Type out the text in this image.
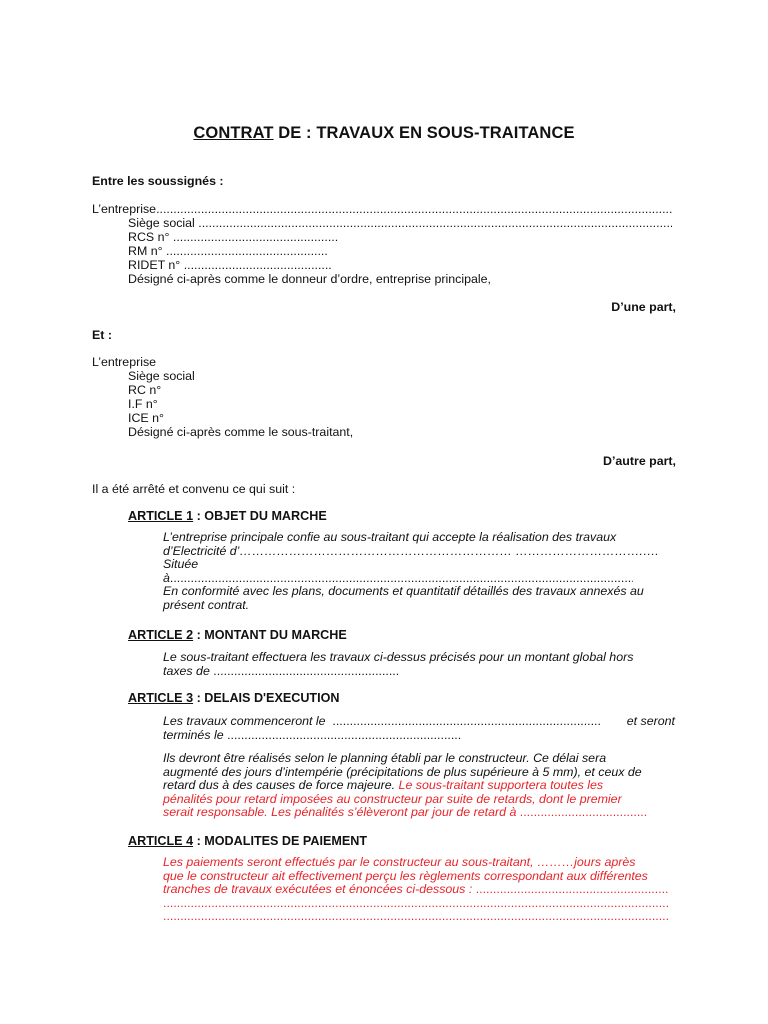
CONTRAT DE : TRAVAUX EN SOUS-TRAITANCE
Entre les soussignés :
L’entreprise
.....
Siège social

.....
RCS n°

.....
RM n°

.....
RIDET n°

.....
Désigné ci-après comme le donneur d’ordre, entreprise principale,
D’une part,
Et :
L’entreprise
Siège social
RC n°
I.F n°
ICE n°
Désigné ci-après comme le sous-traitant,
D’autre part,
Il a été arrêté et convenu ce qui suit :
ARTICLE 1 : OBJET DU MARCHE
L’entreprise principale confie au sous-traitant qui accepte la réalisation des travaux
d’Electricité d’………………………………………………………… ………………………….….
Située
à
.....
En conformité avec les plans, documents et quantitatif détaillés des travaux annexés au
présent contrat.
ARTICLE 2 : MONTANT DU MARCHE
Le sous-traitant effectuera les travaux ci-dessus précisés pour un montant global hors
taxes de

.....
ARTICLE 3 : DELAIS D'EXECUTION
Les travaux commenceront le

.....	et seront
terminés le

.....
Ils devront être réalisés selon le planning établi par le constructeur. Ce délai sera
augmenté des jours d’intempérie (précipitations de plus supérieure à 5 mm), et ceux de
retard dus à des causes de force majeure. Le sous-traitant supportera toutes les
pénalités pour retard imposées au constructeur par suite de retards, dont le premier
serait responsable. Les pénalités s’élèveront par jour de retard à

.....
ARTICLE 4 : MODALITES DE PAIEMENT
Les paiements seront effectués par le constructeur au sous-traitant, ………jours après
que le constructeur ait effectivement perçu les règlements correspondant aux différentes
tranches de travaux exécutées et énoncées ci-dessous :

.....
.....
.....
